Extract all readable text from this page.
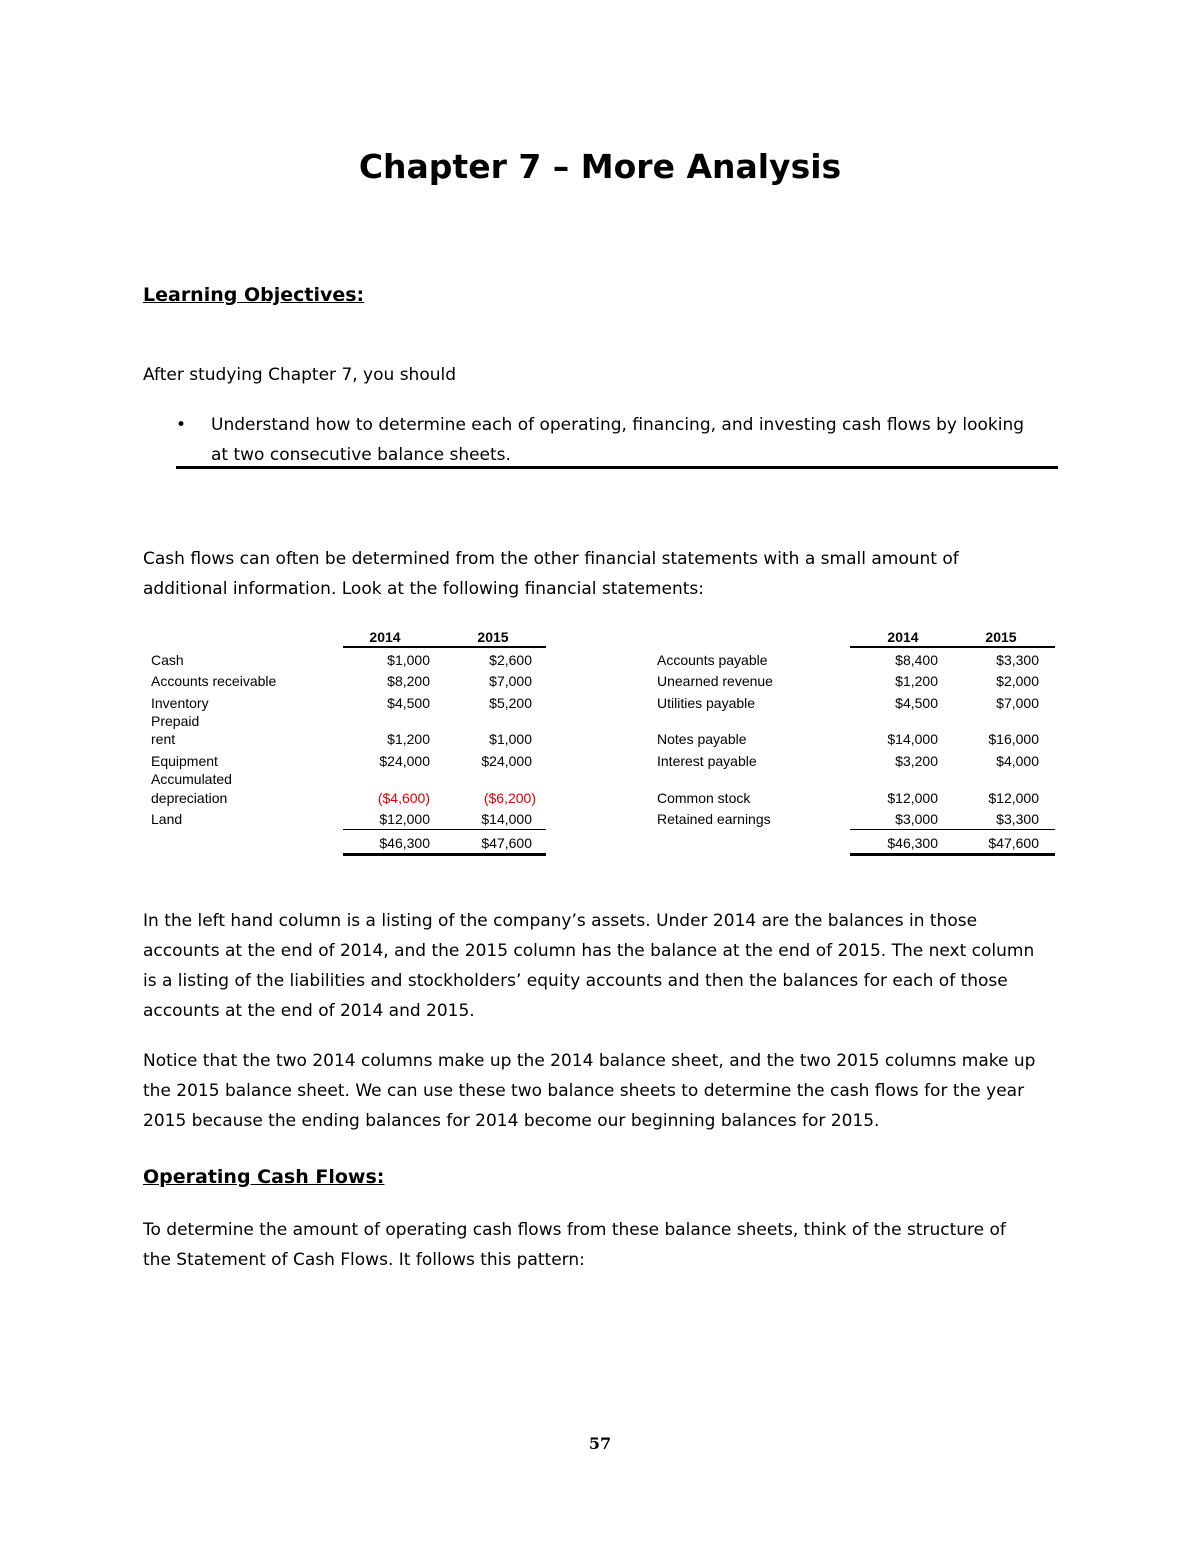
Chapter 7 – More Analysis
Learning Objectives:
After studying Chapter 7, you should
• Understand how to determine each of operating, financing, and investing cash flows by looking
at two consecutive balance sheets.
Cash flows can often be determined from the other financial statements with a small amount of
additional information. Look at the following financial statements:
2014	2015	2014	2015
Cash	$1,000	$2,600
Accounts receivable	$8,200	$7,000
Inventory	$4,500	$5,200
Prepaid
rent	$1,200	$1,000
Equipment	$24,000	$24,000
Accumulated
depreciation	($4,600)	($6,200)
Land	$12,000	$14,000
$46,300	$47,600
Accounts payable	$8,400	$3,300
Unearned revenue	$1,200	$2,000
Utilities payable	$4,500	$7,000
Notes payable	$14,000	$16,000
Interest payable	$3,200	$4,000
Common stock	$12,000	$12,000
Retained earnings	$3,000	$3,300
$46,300	$47,600
In the left hand column is a listing of the company’s assets. Under 2014 are the balances in those
accounts at the end of 2014, and the 2015 column has the balance at the end of 2015. The next column
is a listing of the liabilities and stockholders’ equity accounts and then the balances for each of those
accounts at the end of 2014 and 2015.
Notice that the two 2014 columns make up the 2014 balance sheet, and the two 2015 columns make up
the 2015 balance sheet. We can use these two balance sheets to determine the cash flows for the year
2015 because the ending balances for 2014 become our beginning balances for 2015.
Operating Cash Flows:
To determine the amount of operating cash flows from these balance sheets, think of the structure of
the Statement of Cash Flows. It follows this pattern:
57
